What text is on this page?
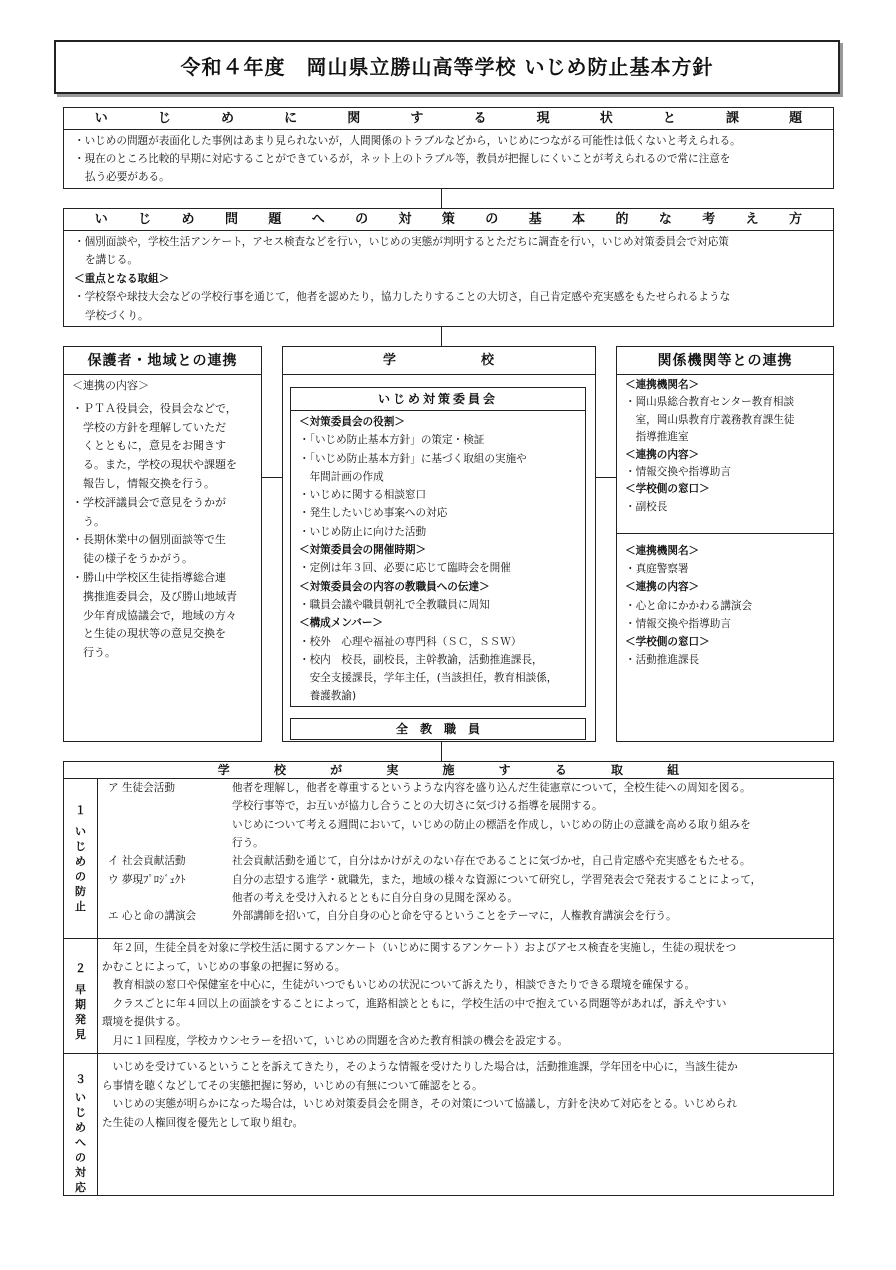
令和４年度　岡山県立勝山高等学校 いじめ防止基本方針
い	じ	め	に	関	す	る	現	状	と	課	題

・いじめの問題が表面化した事例はあまり見られないが，人間関係のトラブルなどから，いじめにつながる可能性は低くないと考えられる。

・現在のところ比較的早期に対応することができているが，ネット上のトラブル等，教員が把握しにくいことが考えられるので常に注意を

払う必要がある。

い じ め 問 題 へ の 対 策 の 基 本 的 な 考 え 方

・個別面談や，学校生活アンケート，アセス検査などを行い，いじめの実態が判明するとただちに調査を行い，いじめ対策委員会で対応策

を講じる。

＜重点となる取組＞

・学校祭や球技大会などの学校行事を通じて，他者を認めたり，協力したりすることの大切さ，自己肯定感や充実感をもたせられるような

学校づくり。

保護者・地域との連携

＜連携の内容＞

・ＰＴＡ役員会，役員会などで，
　学校の方針を理解していただ
　くとともに，意見をお聞きす
　る。また，学校の現状や課題を
　報告し，情報交換を行う。
・学校評議員会で意見をうかが
　う。
・長期休業中の個別面談等で生
　徒の様子をうかがう。
・勝山中学校区生徒指導総合連
　携推進委員会，及び勝山地域青
　少年育成協議会で，地域の方々
　と生徒の現状等の意見交換を
　行う。
学　　　　　　校
いじめ対策委員会
＜対策委員会の役割＞
・「いじめ防止基本方針」の策定・検証
・「いじめ防止基本方針」に基づく取組の実施や
　年間計画の作成
・いじめに関する相談窓口
・発生したいじめ事案への対応
・いじめ防止に向けた活動
＜対策委員会の開催時期＞
・定例は年３回、必要に応じて臨時会を開催
＜対策委員会の内容の教職員への伝達＞
・職員会議や職員朝礼で全教職員に周知
＜構成メンバー＞
・校外　心理や福祉の専門科（ＳＣ，ＳＳＷ）
・校内　校長，副校長，主幹教諭，活動推進課長，
　安全支援課長，学年主任，(当該担任，教育相談係，
　養護教諭)
全　教　職　員
関係機関等との連携
＜連携機関名＞
・岡山県総合教育センター教育相談
　室，岡山県教育庁義務教育課生徒
　指導推進室
＜連携の内容＞
・情報交換や指導助言
＜学校側の窓口＞
・副校長
＜連携機関名＞
・真庭警察署
＜連携の内容＞
・心と命にかかわる講演会
・情報交換や指導助言
＜学校側の窓口＞
・活動推進課長
学	校	が	実	施	す	る	取	組
１
い
じ
め
の
防
止
ア 生徒会活動	他者を理解し，他者を尊重するというような内容を盛り込んだ生徒憲章について，全校生徒への周知を図る。
学校行事等で，お互いが協力し合うことの大切さに気づける指導を展開する。
いじめについて考える週間において，いじめの防止の標語を作成し，いじめの防止の意識を高める取り組みを
行う。
イ 社会貢献活動	社会貢献活動を通じて，自分はかけがえのない存在であることに気づかせ，自己肯定感や充実感をもたせる。
ウ 夢現ﾌﾟﾛｼﾞｪｸﾄ	自分の志望する進学・就職先，また，地域の様々な資源について研究し，学習発表会で発表することによって，
他者の考えを受け入れるとともに自分自身の見聞を深める。
エ 心と命の講演会	外部講師を招いて，自分自身の心と命を守るということをテーマに，人権教育講演会を行う。
２
早
期
発
見
　年２回，生徒全員を対象に学校生活に関するアンケート（いじめに関するアンケート）およびアセス検査を実施し，生徒の現状をつ
かむことによって，いじめの事象の把握に努める。
　教育相談の窓口や保健室を中心に，生徒がいつでもいじめの状況について訴えたり，相談できたりできる環境を確保する。
　クラスごとに年４回以上の面談をすることによって，進路相談とともに，学校生活の中で抱えている問題等があれば，訴えやすい
環境を提供する。
　月に１回程度，学校カウンセラーを招いて，いじめの問題を含めた教育相談の機会を設定する。
３
い
じ
め
へ
の
対
応
　いじめを受けているということを訴えてきたり，そのような情報を受けたりした場合は，活動推進課，学年団を中心に，当該生徒か
ら事情を聴くなどしてその実態把握に努め，いじめの有無について確認をとる。
　いじめの実態が明らかになった場合は，いじめ対策委員会を開き，その対策について協議し，方針を決めて対応をとる。いじめられ
た生徒の人権回復を優先として取り組む。
